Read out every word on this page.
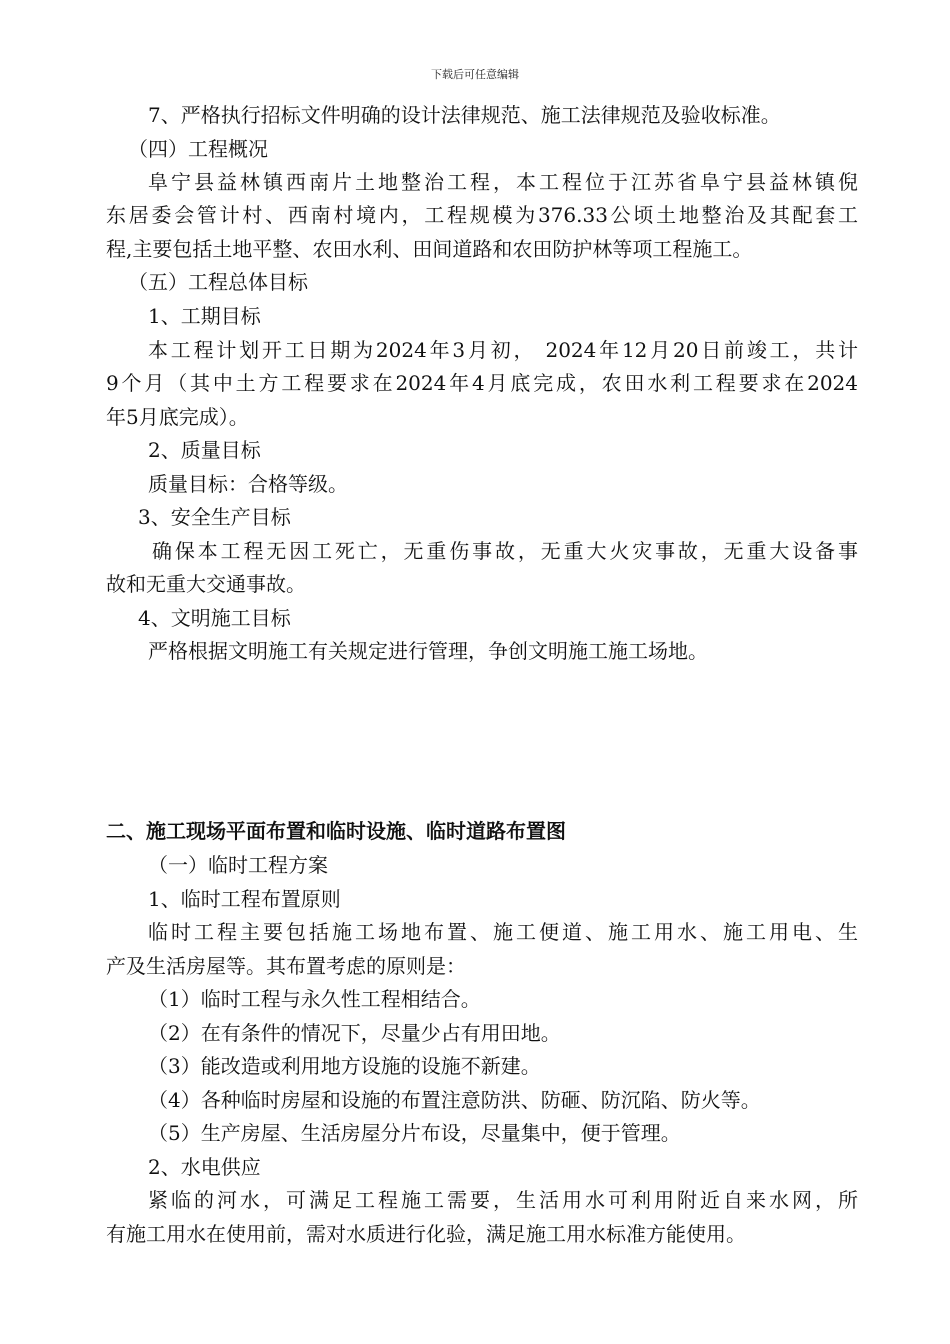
下载后可任意编辑
7、严格执行招标文件明确的设计法律规范、施工法律规范及验收标准。
（四）工程概况
阜宁县益林镇西南片土地整治工程，本工程位于江苏省阜宁县益林镇倪
东居委会管计村、西南村境内，工程规模为376.33公顷土地整治及其配套工
程,主要包括土地平整、农田水利、田间道路和农田防护林等项工程施工。
（五）工程总体目标
1、工期目标
本工程计划开工日期为2024年3月初， 2024年12月20日前竣工，共计
9个月（其中土方工程要求在2024年4月底完成，农田水利工程要求在2024
年5月底完成）。
2、质量目标
质量目标：合格等级。
3、安全生产目标
确保本工程无因工死亡，无重伤事故，无重大火灾事故，无重大设备事
故和无重大交通事故。
4、文明施工目标
严格根据文明施工有关规定进行管理，争创文明施工施工场地。
二、施工现场平面布置和临时设施、临时道路布置图
（一）临时工程方案
1、临时工程布置原则
临时工程主要包括施工场地布置、施工便道、施工用水、施工用电、生
产及生活房屋等。其布置考虑的原则是：
（1）临时工程与永久性工程相结合。
（2）在有条件的情况下，尽量少占有用田地。
（3）能改造或利用地方设施的设施不新建。
（4）各种临时房屋和设施的布置注意防洪、防砸、防沉陷、防火等。
（5）生产房屋、生活房屋分片布设，尽量集中，便于管理。
2、水电供应
紧临的河水，可满足工程施工需要，生活用水可利用附近自来水网，所
有施工用水在使用前，需对水质进行化验，满足施工用水标准方能使用。
